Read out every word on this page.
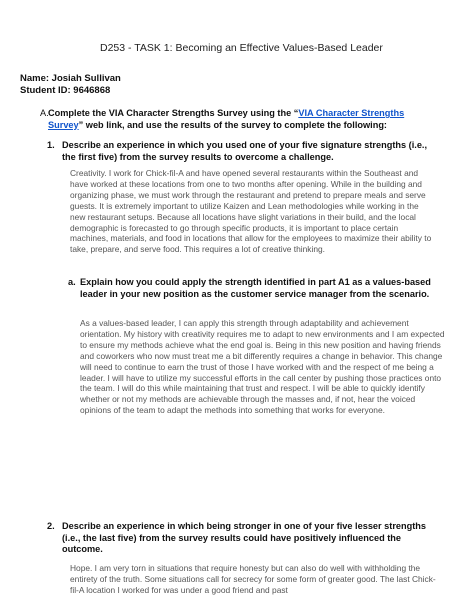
D253 - TASK 1: Becoming an Effective Values-Based Leader
Name: Josiah Sullivan
Student ID: 9646868
A. Complete the VIA Character Strengths Survey using the “VIA Character Strengths Survey” web link, and use the results of the survey to complete the following:
1. Describe an experience in which you used one of your five signature strengths (i.e., the first five) from the survey results to overcome a challenge.
Creativity. I work for Chick-fil-A and have opened several restaurants within the Southeast and have worked at these locations from one to two months after opening. While in the building and organizing phase, we must work through the restaurant and pretend to prepare meals and serve guests. It is extremely important to utilize Kaizen and Lean methodologies while working in the new restaurant setups. Because all locations have slight variations in their build, and the local demographic is forecasted to go through specific products, it is important to place certain machines, materials, and food in locations that allow for the employees to maximize their ability to take, prepare, and serve food. This requires a lot of creative thinking.
a. Explain how you could apply the strength identified in part A1 as a values-based leader in your new position as the customer service manager from the scenario.
As a values-based leader, I can apply this strength through adaptability and achievement orientation. My history with creativity requires me to adapt to new environments and I am expected to ensure my methods achieve what the end goal is. Being in this new position and having friends and coworkers who now must treat me a bit differently requires a change in behavior. This change will need to continue to earn the trust of those I have worked with and the respect of me being a leader. I will have to utilize my successful efforts in the call center by pushing those practices onto the team. I will do this while maintaining that trust and respect. I will be able to quickly identify whether or not my methods are achievable through the masses and, if not, hear the voiced opinions of the team to adapt the methods into something that works for everyone.
2. Describe an experience in which being stronger in one of your five lesser strengths (i.e., the last five) from the survey results could have positively influenced the outcome.
Hope. I am very torn in situations that require honesty but can also do well with withholding the entirety of the truth. Some situations call for secrecy for some form of greater good. The last Chick-fil-A location I worked for was under a good friend and past
